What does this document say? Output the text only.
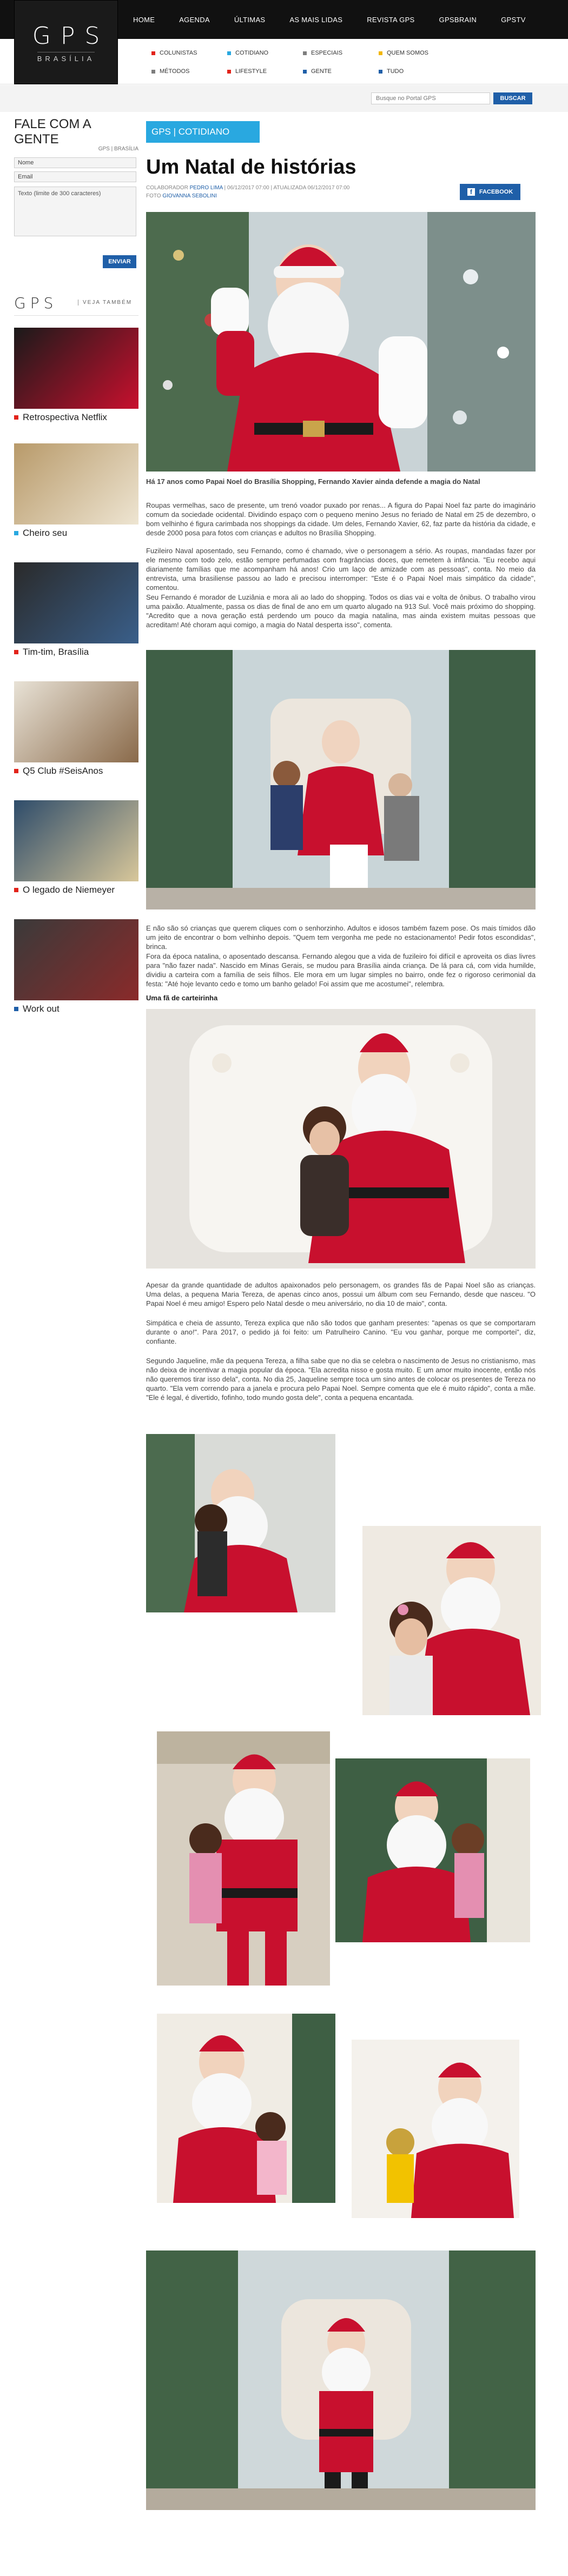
HOME	AGENDA	ÚLTIMAS	AS MAIS LIDAS	REVISTA GPS	GPSBRAIN	GPSTV
COLUNISTAS	COTIDIANO	ESPECIAIS	QUEM SOMOS
MÉTODOS	LIFESTYLE	GENTE	TUDO
GPS
BRASÍLIA
Busque no Portal GPS
BUSCAR
FALE COM A GENTE
GPS | BRASÍLIA
Nome
Email
Texto (limite de 300 caracteres)
ENVIAR
GPS	VEJA TAMBÉM
Retrospectiva Netflix
Cheiro seu
Tim-tim, Brasília
Q5 Club #SeisAnos
O legado de Niemeyer
Work out
GPS | COTIDIANO
Um Natal de histórias
COLABORADOR PEDRO LIMA | 06/12/2017 07:00 | ATUALIZADA 06/12/2017 07:00
FOTO GIOVANNA SEBOLINI
f	FACEBOOK
Há 17 anos como Papai Noel do Brasília Shopping, Fernando Xavier ainda defende a magia do Natal

Roupas vermelhas, saco de presente, um trenó voador puxado por renas... A figura do Papai Noel faz parte do imaginário comum da sociedade ocidental. Dividindo espaço com o pequeno menino Jesus no feriado de Natal em 25 de dezembro, o bom velhinho é figura carimbada nos shoppings da cidade. Um deles, Fernando Xavier, 62, faz parte da história da cidade, e desde 2000 posa para fotos com crianças e adultos no Brasília Shopping.

Fuzileiro Naval aposentado, seu Fernando, como é chamado, vive o personagem a sério. As roupas, mandadas fazer por ele mesmo com todo zelo, estão sempre perfumadas com fragrâncias doces, que remetem à infância. "Eu recebo aqui diariamente famílias que me acompanham há anos! Crio um laço de amizade com as pessoas", conta. No meio da entrevista, uma brasiliense passou ao lado e precisou interromper: "Este é o Papai Noel mais simpático da cidade", comentou.

Seu Fernando é morador de Luziânia e mora ali ao lado do shopping. Todos os dias vai e volta de ônibus. O trabalho virou uma paixão. Atualmente, passa os dias de final de ano em um quarto alugado na 913 Sul. Você mais próximo do shopping. "Acredito que a nova geração está perdendo um pouco da magia natalina, mas ainda existem muitas pessoas que acreditam! Até choram aqui comigo, a magia do Natal desperta isso", comenta.

E não são só crianças que querem cliques com o senhorzinho. Adultos e idosos também fazem pose. Os mais tímidos dão um jeito de encontrar o bom velhinho depois. "Quem tem vergonha me pede no estacionamento! Pedir fotos escondidas", brinca.

Fora da época natalina, o aposentado descansa. Fernando alegou que a vida de fuzileiro foi difícil e aproveita os dias livres para "não fazer nada". Nascido em Minas Gerais, se mudou para Brasília ainda criança. De lá para cá, com vida humilde, dividiu a carteira com a família de seis filhos. Ele mora em um lugar simples no bairro, onde fez o rigoroso cerimonial da festa: "Até hoje levanto cedo e tomo um banho gelado! Foi assim que me acostumei", relembra.

Uma fã de carteirinha

Apesar da grande quantidade de adultos apaixonados pelo personagem, os grandes fãs de Papai Noel são as crianças. Uma delas, a pequena Maria Tereza, de apenas cinco anos, possui um álbum com seu Fernando, desde que nasceu. "O Papai Noel é meu amigo! Espero pelo Natal desde o meu aniversário, no dia 10 de maio", conta.

Simpática e cheia de assunto, Tereza explica que não são todos que ganham presentes: "apenas os que se comportaram durante o ano!". Para 2017, o pedido já foi feito: um Patrulheiro Canino. "Eu vou ganhar, porque me comportei", diz, confiante.

Segundo Jaqueline, mãe da pequena Tereza, a filha sabe que no dia se celebra o nascimento de Jesus no cristianismo, mas não deixa de incentivar a magia popular da época. "Ela acredita nisso e gosta muito. E um amor muito inocente, então nós não queremos tirar isso dela", conta. No dia 25, Jaqueline sempre toca um sino antes de colocar os presentes de Tereza no quarto. "Ela vem correndo para a janela e procura pelo Papai Noel. Sempre comenta que ele é muito rápido", conta a mãe. "Ele é legal, é divertido, fofinho, todo mundo gosta dele", conta a pequena encantada.
